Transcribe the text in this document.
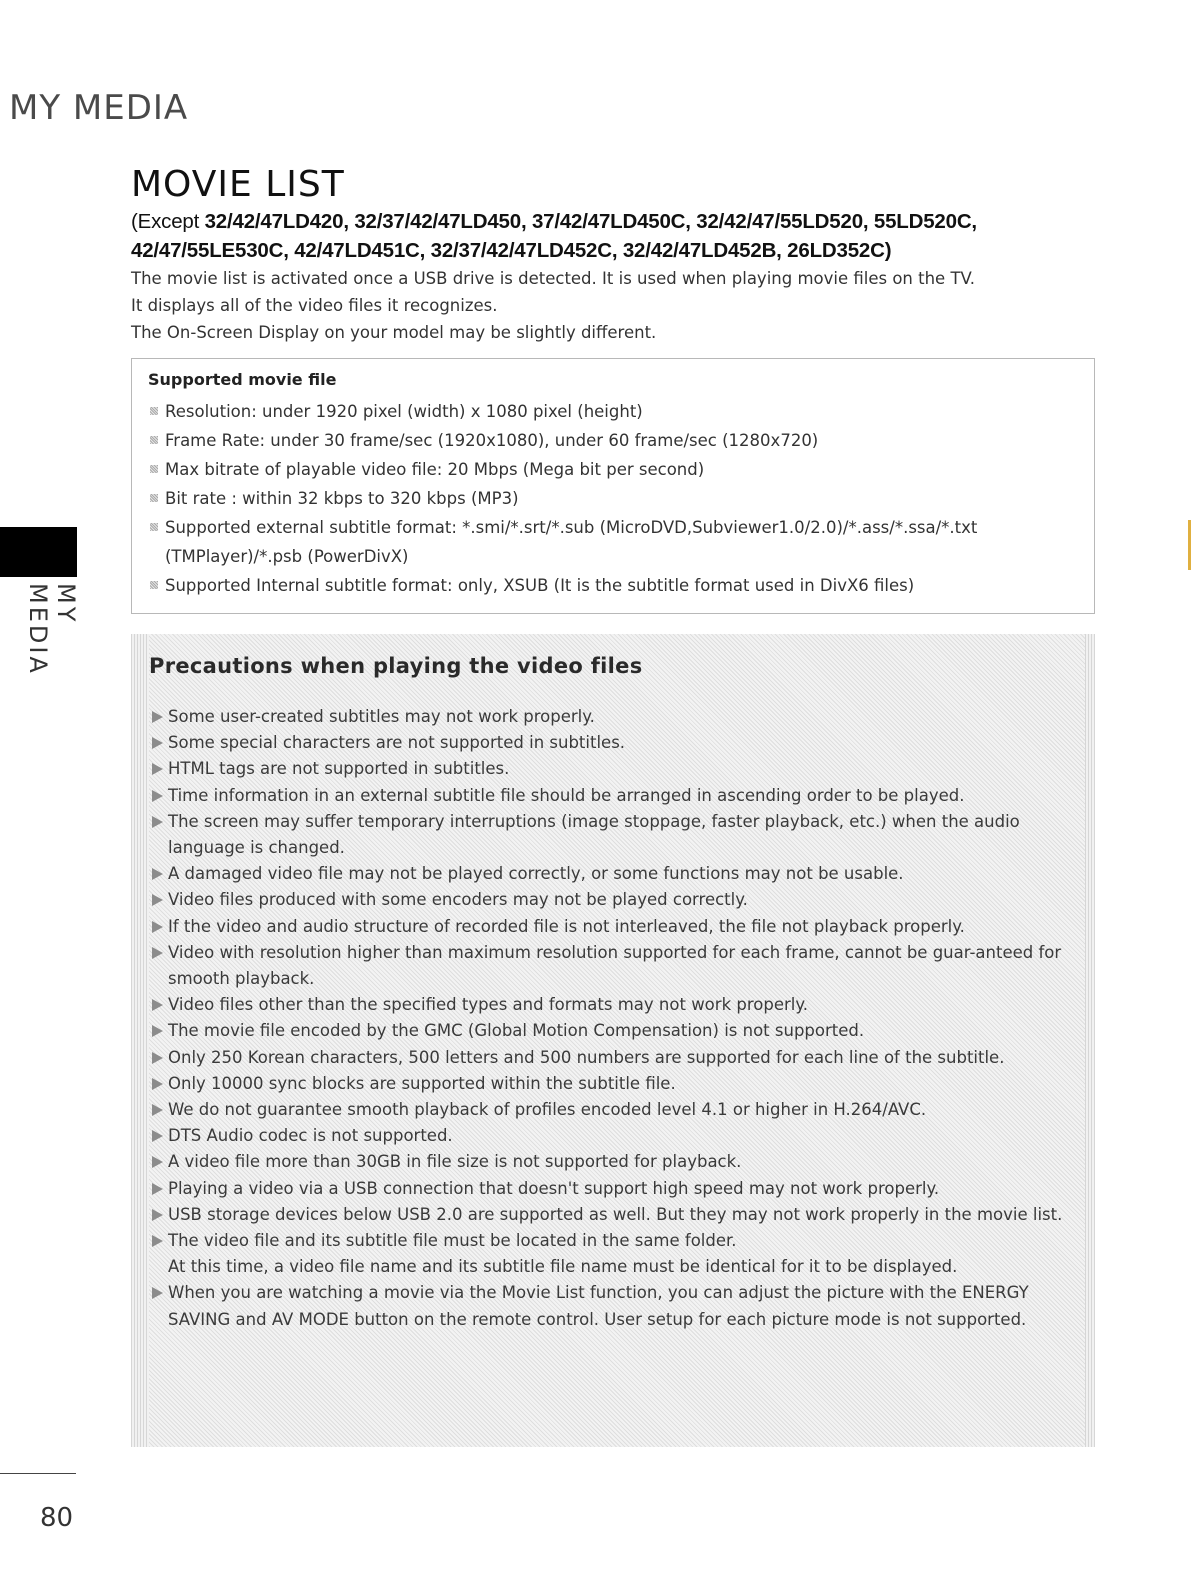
MY MEDIA
MOVIE LIST
(Except 32/42/47LD420, 32/37/42/47LD450, 37/42/47LD450C, 32/42/47/55LD520, 55LD520C,
42/47/55LE530C, 42/47LD451C, 32/37/42/47LD452C, 32/42/47LD452B, 26LD352C)

The movie list is activated once a USB drive is detected. It is used when playing movie files on the TV.

It displays all of the video files it recognizes.

The On-Screen Display on your model may be slightly different.

Supported movie file
Resolution: under 1920 pixel (width) x 1080 pixel (height)
Frame Rate: under 30 frame/sec (1920x1080), under 60 frame/sec (1280x720)
Max bitrate of playable video file: 20 Mbps (Mega bit per second)
Bit rate : within 32 kbps to 320 kbps (MP3)
Supported external subtitle format: *.smi/*.srt/*.sub (MicroDVD,Subviewer1.0/2.0)/*.ass/*.ssa/*.txt (TMPlayer)/*.psb (PowerDivX)
Supported Internal subtitle format: only, XSUB (It is the subtitle format used in DivX6 files)
MY MEDIA	Precautions when playing the video files
Some user-created subtitles may not work properly.
Some special characters are not supported in subtitles.
HTML tags are not supported in subtitles.
Time information in an external subtitle file should be arranged in ascending order to be played.
The screen may suffer temporary interruptions (image stoppage, faster playback, etc.) when the audio language is changed.
A damaged video file may not be played correctly, or some functions may not be usable.
Video files produced with some encoders may not be played correctly.
If the video and audio structure of recorded file is not interleaved, the file not playback properly.
Video with resolution higher than maximum resolution supported for each frame, cannot be guar-anteed for smooth playback.
Video files other than the specified types and formats may not work properly.
The movie file encoded by the GMC (Global Motion Compensation) is not supported.
Only 250 Korean characters, 500 letters and 500 numbers are supported for each line of the subtitle.
Only 10000 sync blocks are supported within the subtitle file.
We do not guarantee smooth playback of profiles encoded level 4.1 or higher in H.264/AVC.
DTS Audio codec is not supported.
A video file more than 30GB in file size is not supported for playback.
Playing a video via a USB connection that doesn't support high speed may not work properly.
USB storage devices below USB 2.0 are supported as well. But they may not work properly in the movie list.
The video file and its subtitle file must be located in the same folder.
At this time, a video file name and its subtitle file name must be identical for it to be displayed.
When you are watching a movie via the Movie List function, you can adjust the picture with the ENERGY SAVING and AV MODE button on the remote control. User setup for each picture mode is not supported.
80
